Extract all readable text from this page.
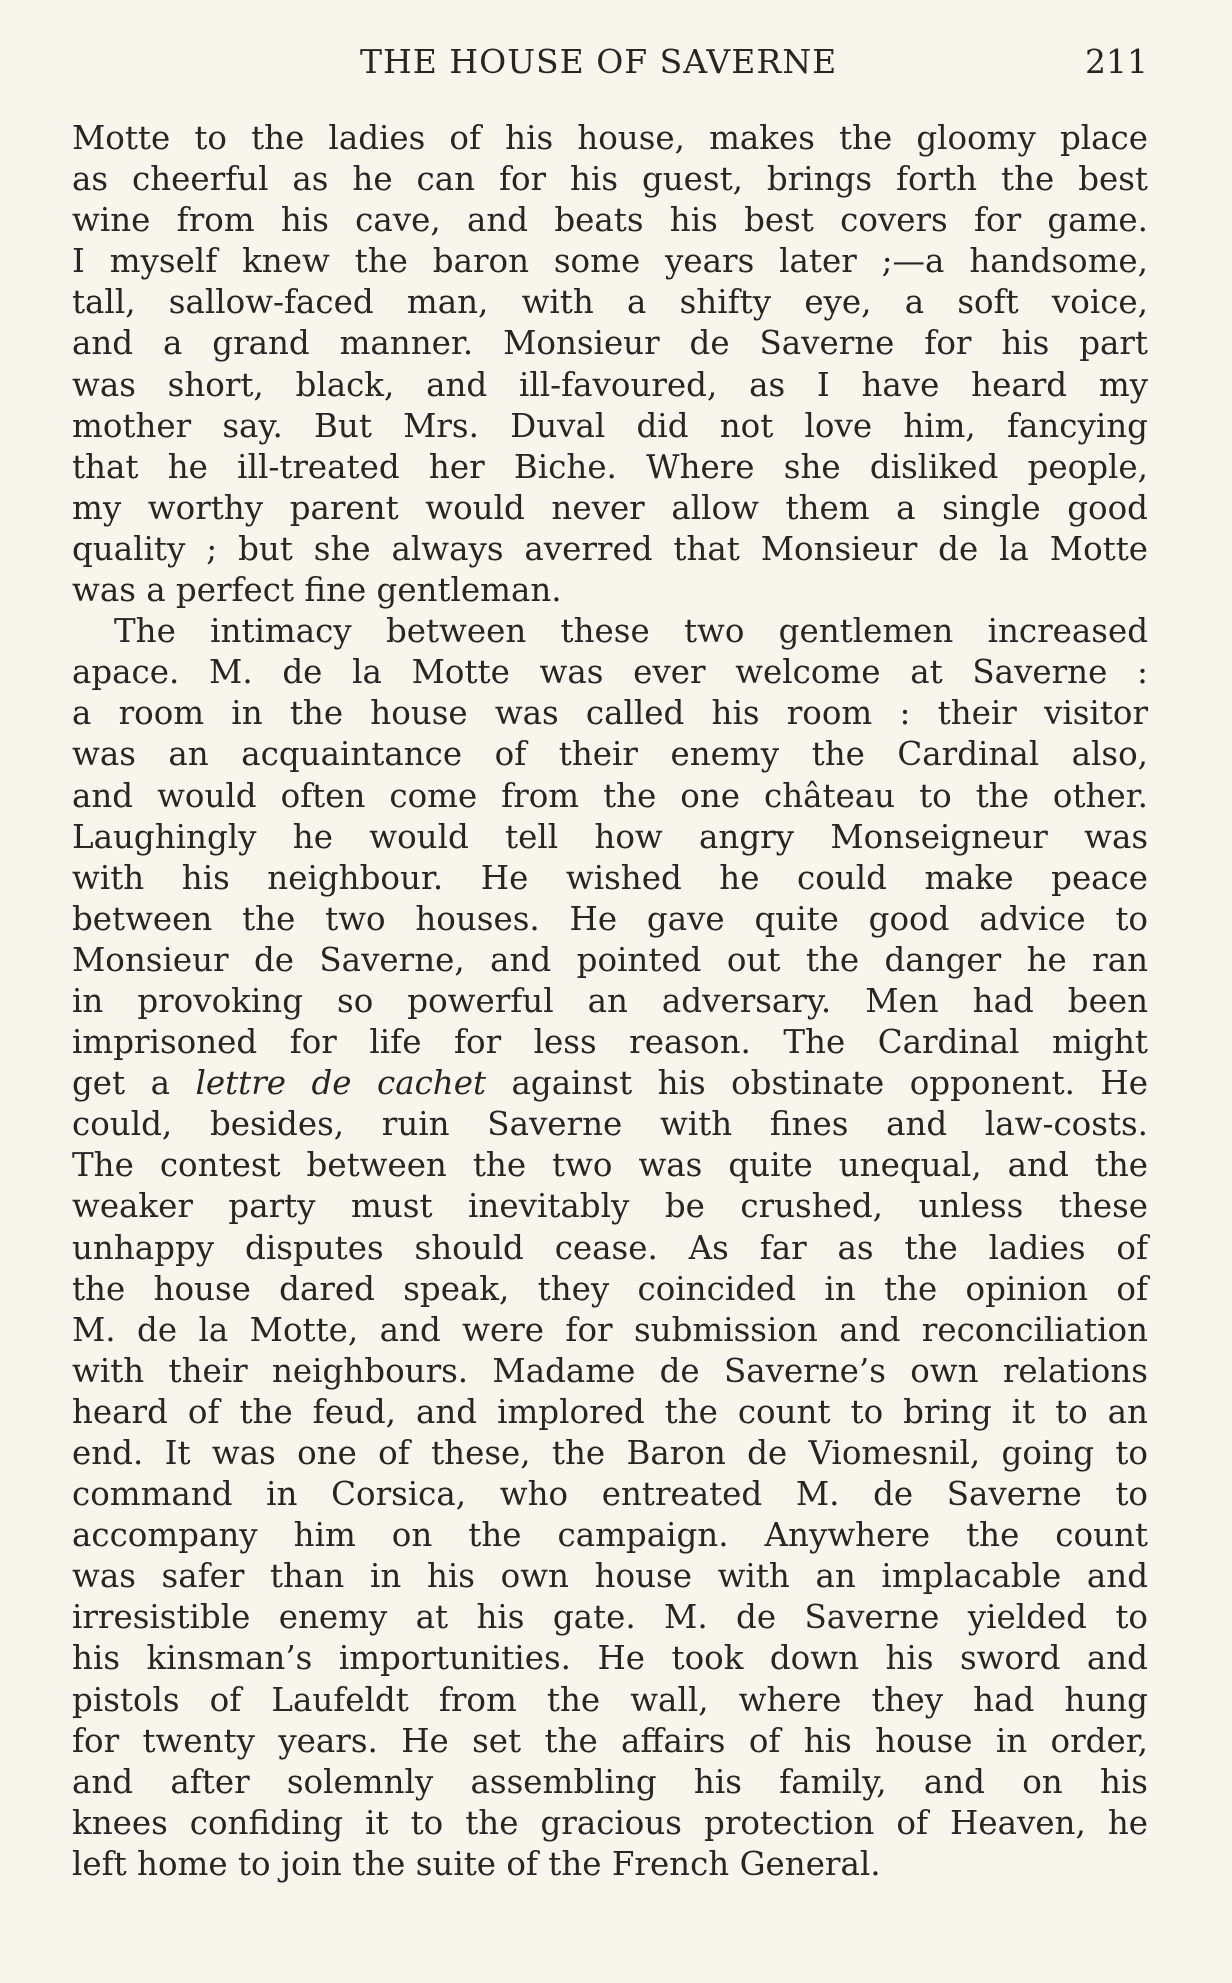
THE HOUSE OF SAVERNE	211
Motte to the ladies of his house, makes the gloomy place
as cheerful as he can for his guest, brings forth the best
wine from his cave, and beats his best covers for game.
I myself knew the baron some years later ;—a handsome,
tall, sallow-faced man, with a shifty eye, a soft voice,
and a grand manner. Monsieur de Saverne for his part
was short, black, and ill-favoured, as I have heard my
mother say. But Mrs. Duval did not love him, fancying
that he ill-treated her Biche. Where she disliked people,
my worthy parent would never allow them a single good
quality ; but she always averred that Monsieur de la Motte
was a perfect fine gentleman.
The intimacy between these two gentlemen increased
apace. M. de la Motte was ever welcome at Saverne :
a room in the house was called his room : their visitor
was an acquaintance of their enemy the Cardinal also,
and would often come from the one château to the other.
Laughingly he would tell how angry Monseigneur was
with his neighbour. He wished he could make peace
between the two houses. He gave quite good advice to
Monsieur de Saverne, and pointed out the danger he ran
in provoking so powerful an adversary. Men had been
imprisoned for life for less reason. The Cardinal might
get a lettre de cachet against his obstinate opponent. He
could, besides, ruin Saverne with fines and law-costs.
The contest between the two was quite unequal, and the
weaker party must inevitably be crushed, unless these
unhappy disputes should cease. As far as the ladies of
the house dared speak, they coincided in the opinion of
M. de la Motte, and were for submission and reconciliation
with their neighbours. Madame de Saverne’s own relations
heard of the feud, and implored the count to bring it to an
end. It was one of these, the Baron de Viomesnil, going to
command in Corsica, who entreated M. de Saverne to
accompany him on the campaign. Anywhere the count
was safer than in his own house with an implacable and
irresistible enemy at his gate. M. de Saverne yielded to
his kinsman’s importunities. He took down his sword and
pistols of Laufeldt from the wall, where they had hung
for twenty years. He set the affairs of his house in order,
and after solemnly assembling his family, and on his
knees confiding it to the gracious protection of Heaven, he
left home to join the suite of the French General.
